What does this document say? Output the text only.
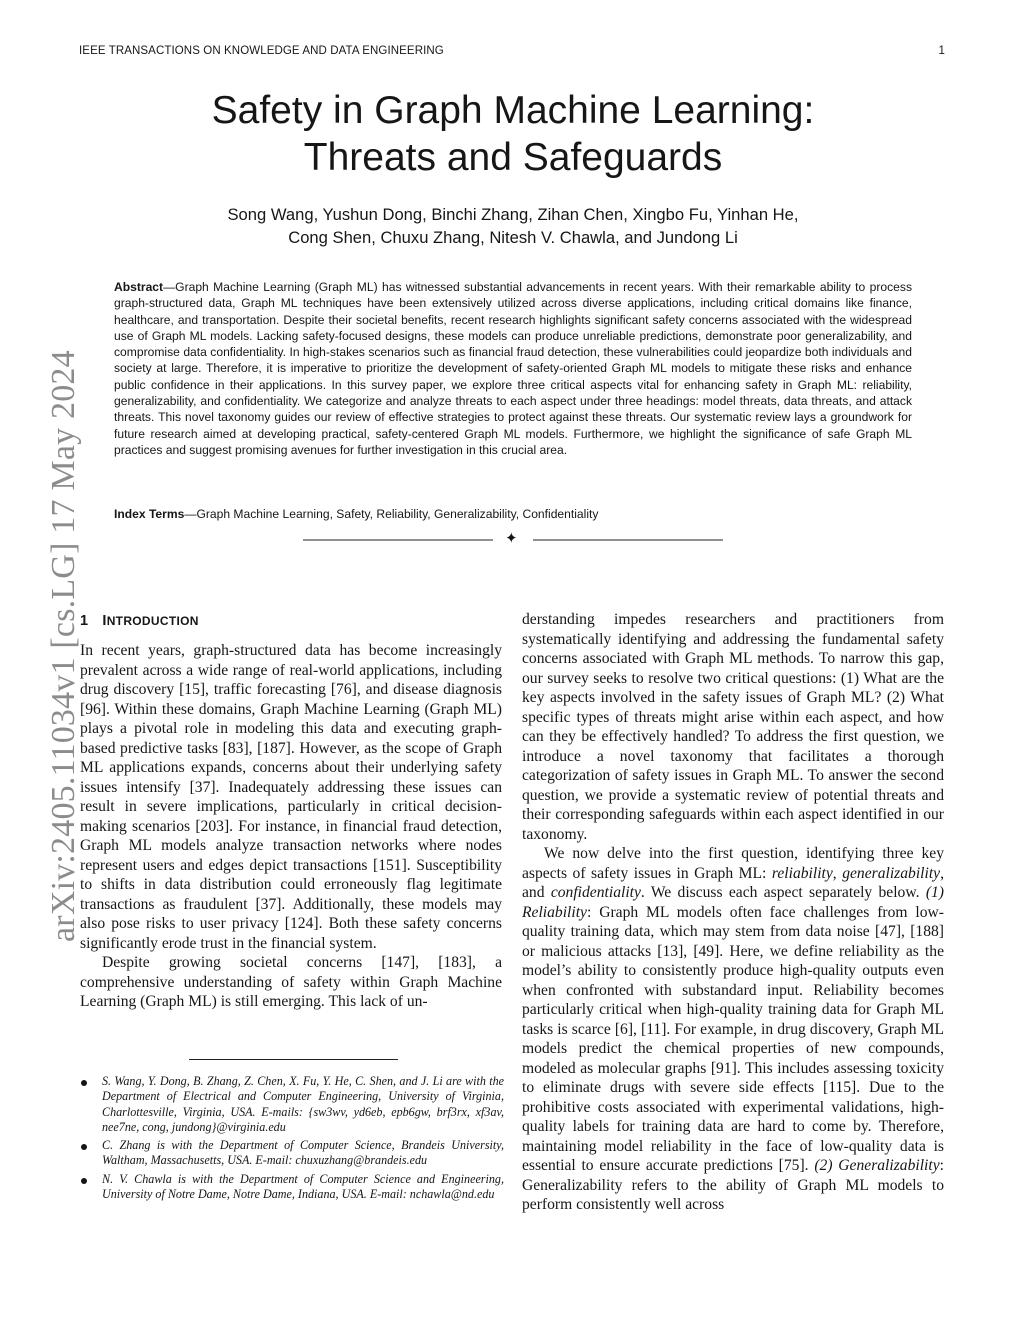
IEEE TRANSACTIONS ON KNOWLEDGE AND DATA ENGINEERING	1
arXiv:2405.11034v1 [cs.LG] 17 May 2024
Safety in Graph Machine Learning:
Threats and Safeguards
Song Wang, Yushun Dong, Binchi Zhang, Zihan Chen, Xingbo Fu, Yinhan He,
Cong Shen, Chuxu Zhang, Nitesh V. Chawla, and Jundong Li

Abstract—Graph Machine Learning (Graph ML) has witnessed substantial advancements in recent years. With their remarkable ability to process graph-structured data, Graph ML techniques have been extensively utilized across diverse applications, including critical domains like finance, healthcare, and transportation. Despite their societal benefits, recent research highlights significant safety concerns associated with the widespread use of Graph ML models. Lacking safety-focused designs, these models can produce unreliable predictions, demonstrate poor generalizability, and compromise data confidentiality. In high-stakes scenarios such as financial fraud detection, these vulnerabilities could jeopardize both individuals and society at large. Therefore, it is imperative to prioritize the development of safety-oriented Graph ML models to mitigate these risks and enhance public confidence in their applications. In this survey paper, we explore three critical aspects vital for enhancing safety in Graph ML: reliability, generalizability, and confidentiality. We categorize and analyze threats to each aspect under three headings: model threats, data threats, and attack threats. This novel taxonomy guides our review of effective strategies to protect against these threats. Our systematic review lays a groundwork for future research aimed at developing practical, safety-centered Graph ML models. Furthermore, we highlight the significance of safe Graph ML practices and suggest promising avenues for further investigation in this crucial area.

Index Terms—Graph Machine Learning, Safety, Reliability, Generalizability, Confidentiality

✦
1 INTRODUCTION

In recent years, graph-structured data has become increasingly prevalent across a wide range of real-world applications, including drug discovery [15], traffic forecasting [76], and disease diagnosis [96]. Within these domains, Graph Machine Learning (Graph ML) plays a pivotal role in modeling this data and executing graph-based predictive tasks [83], [187]. However, as the scope of Graph ML applications expands, concerns about their underlying safety issues intensify [37]. Inadequately addressing these issues can result in severe implications, particularly in critical decision-making scenarios [203]. For instance, in financial fraud detection, Graph ML models analyze transaction networks where nodes represent users and edges depict transactions [151]. Susceptibility to shifts in data distribution could erroneously flag legitimate transactions as fraudulent [37]. Additionally, these models may also pose risks to user privacy [124]. Both these safety concerns significantly erode trust in the financial system.

Despite growing societal concerns [147], [183], a comprehensive understanding of safety within Graph Machine Learning (Graph ML) is still emerging. This lack of un-

S. Wang, Y. Dong, B. Zhang, Z. Chen, X. Fu, Y. He, C. Shen, and J. Li are with the Department of Electrical and Computer Engineering, University of Virginia, Charlottesville, Virginia, USA. E-mails: {sw3wv, yd6eb, epb6gw, brf3rx, xf3av, nee7ne, cong, jundong}@virginia.edu
C. Zhang is with the Department of Computer Science, Brandeis University, Waltham, Massachusetts, USA. E-mail: chuxuzhang@brandeis.edu
N. V. Chawla is with the Department of Computer Science and Engineering, University of Notre Dame, Notre Dame, Indiana, USA. E-mail: nchawla@nd.edu

derstanding impedes researchers and practitioners from systematically identifying and addressing the fundamental safety concerns associated with Graph ML methods. To narrow this gap, our survey seeks to resolve two critical questions: (1) What are the key aspects involved in the safety issues of Graph ML? (2) What specific types of threats might arise within each aspect, and how can they be effectively handled? To address the first question, we introduce a novel taxonomy that facilitates a thorough categorization of safety issues in Graph ML. To answer the second question, we provide a systematic review of potential threats and their corresponding safeguards within each aspect identified in our taxonomy.

We now delve into the first question, identifying three key aspects of safety issues in Graph ML: reliability, generalizability, and confidentiality. We discuss each aspect separately below. (1) Reliability: Graph ML models often face challenges from low-quality training data, which may stem from data noise [47], [188] or malicious attacks [13], [49]. Here, we define reliability as the model’s ability to consistently produce high-quality outputs even when confronted with substandard input. Reliability becomes particularly critical when high-quality training data for Graph ML tasks is scarce [6], [11]. For example, in drug discovery, Graph ML models predict the chemical properties of new compounds, modeled as molecular graphs [91]. This includes assessing toxicity to eliminate drugs with severe side effects [115]. Due to the prohibitive costs associated with experimental validations, high-quality labels for training data are hard to come by. Therefore, maintaining model reliability in the face of low-quality data is essential to ensure accurate predictions [75]. (2) Generalizability: Generalizability refers to the ability of Graph ML models to perform consistently well across
